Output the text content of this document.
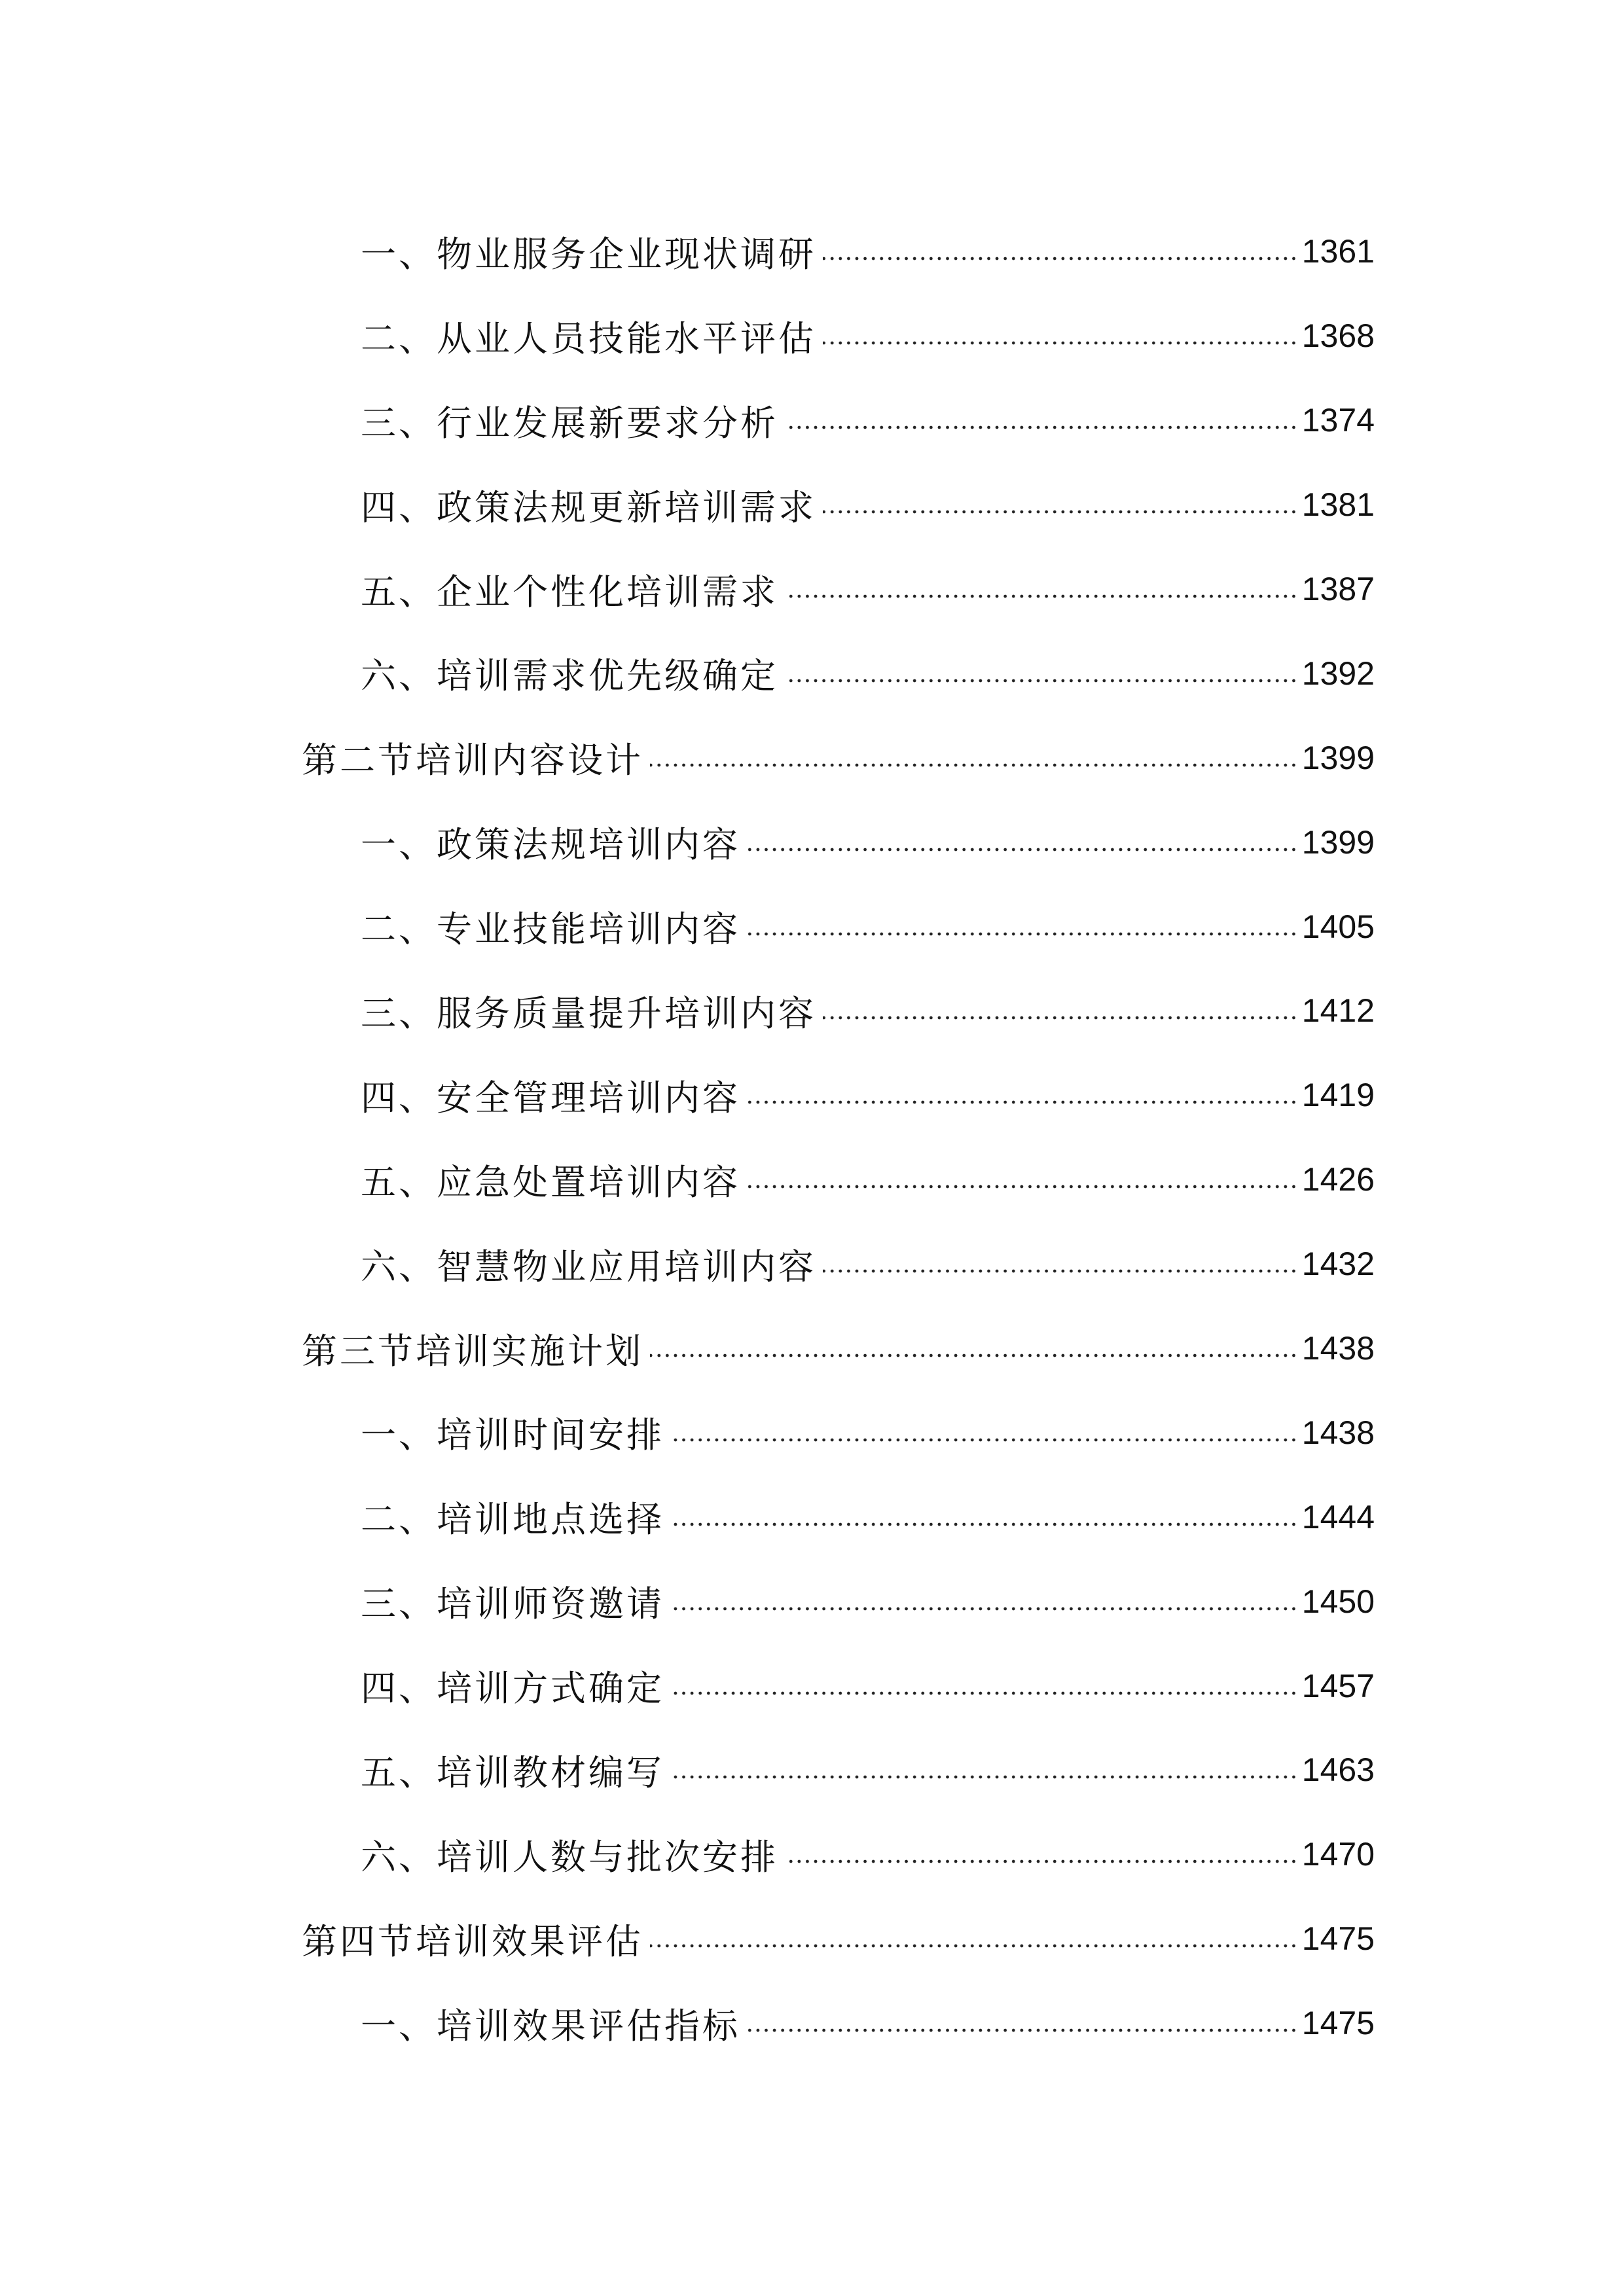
一、物业服务企业现状调研	1361
二、从业人员技能水平评估	1368
三、行业发展新要求分析	1374
四、政策法规更新培训需求	1381
五、企业个性化培训需求	1387
六、培训需求优先级确定	1392
第二节培训内容设计	1399
一、政策法规培训内容	1399
二、专业技能培训内容	1405
三、服务质量提升培训内容	1412
四、安全管理培训内容	1419
五、应急处置培训内容	1426
六、智慧物业应用培训内容	1432
第三节培训实施计划	1438
一、培训时间安排	1438
二、培训地点选择	1444
三、培训师资邀请	1450
四、培训方式确定	1457
五、培训教材编写	1463
六、培训人数与批次安排	1470
第四节培训效果评估	1475
一、培训效果评估指标	1475
